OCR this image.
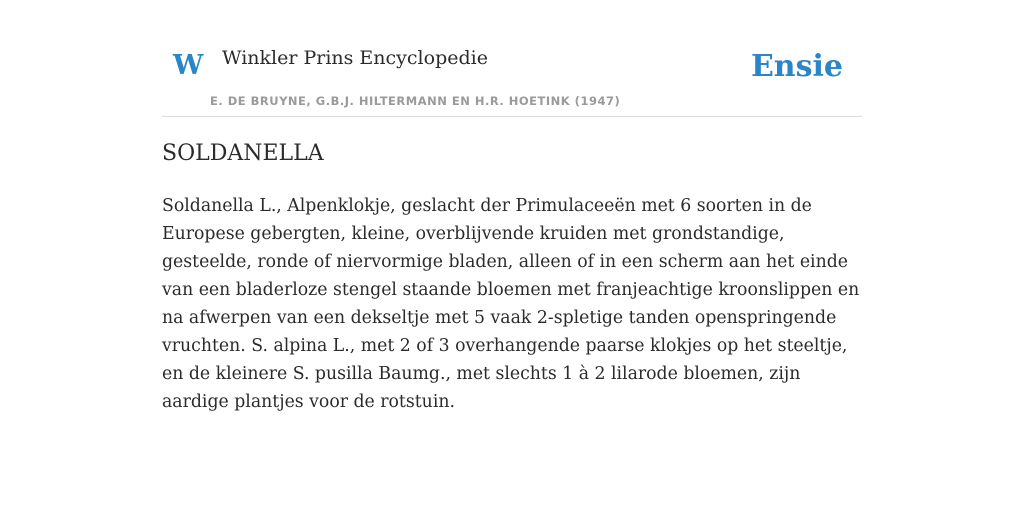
W Winkler Prins Encyclopedie
E. DE BRUYNE, G.B.J. HILTERMANN EN H.R. HOETINK (1947)
Ensie
SOLDANELLA

Soldanella L., Alpenklokje, geslacht der Primulaceeën met 6 soorten in de Europese gebergten, kleine, overblijvende kruiden met grondstandige, gesteelde, ronde of niervormige bladen, alleen of in een scherm aan het einde van een bladerloze stengel staande bloemen met franjeachtige kroonslippen en na afwerpen van een dekseltje met 5 vaak 2-spletige tanden openspringende vruchten. S. alpina L., met 2 of 3 overhangende paarse klokjes op het steeltje, en de kleinere S. pusilla Baumg., met slechts 1 à 2 lilarode bloemen, zijn aardige plantjes voor de rotstuin.
